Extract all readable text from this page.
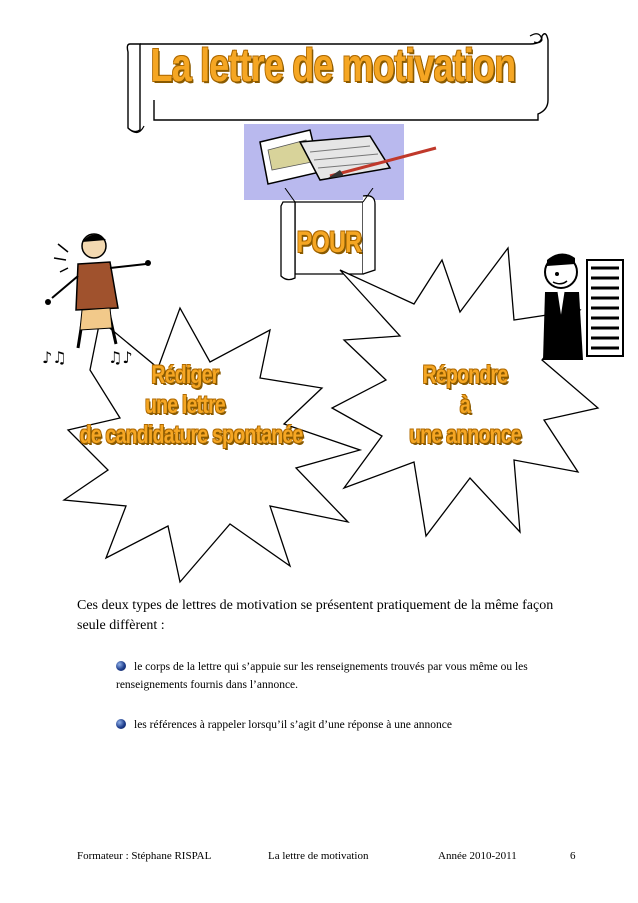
La lettre de motivation
POUR
Rédiger
une lettre
de candidature spontanée
Répondre
à
une annonce
♪♫	♫♪
Ces deux types de lettres de motivation se présentent pratiquement de la même façon seule diffèrent :
le corps de la lettre qui s’appuie sur les renseignements trouvés par vous même ou les renseignements fournis dans l’annonce.
les références à rappeler lorsqu’il s’agit d’une réponse à une annonce
Formateur : Stéphane RISPAL	La lettre de motivation	Année 2010-2011	6
